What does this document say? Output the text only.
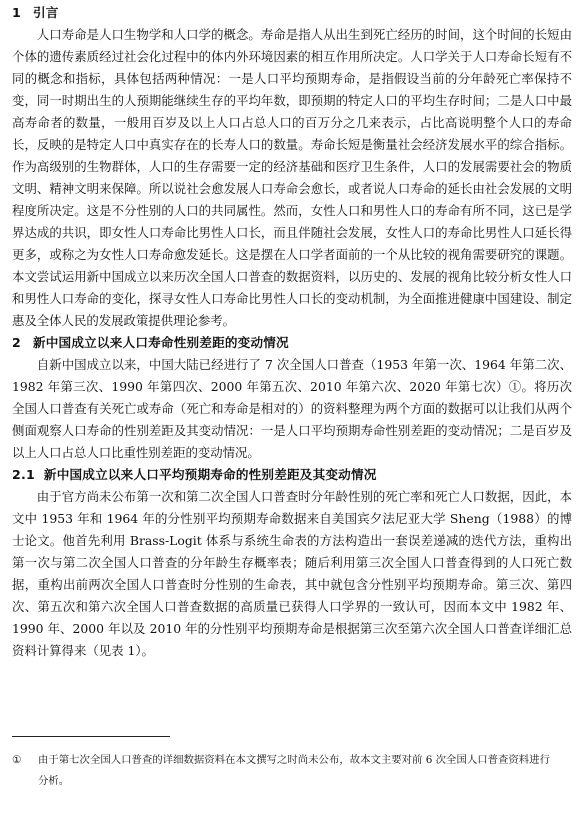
1 引言

人口寿命是人口生物学和人口学的概念。寿命是指人从出生到死亡经历的时间，这个时间的长短由个体的遗传素质经过社会化过程中的体内外环境因素的相互作用所决定。人口学关于人口寿命长短有不同的概念和指标，具体包括两种情况：一是人口平均预期寿命，是指假设当前的分年龄死亡率保持不变，同一时期出生的人预期能继续生存的平均年数，即预期的特定人口的平均生存时间；二是人口中最高寿命者的数量，一般用百岁及以上人口占总人口的百万分之几来表示，占比高说明整个人口的寿命长，反映的是特定人口中真实存在的长寿人口的数量。寿命长短是衡量社会经济发展水平的综合指标。作为高级别的生物群体，人口的生存需要一定的经济基础和医疗卫生条件，人口的发展需要社会的物质文明、精神文明来保障。所以说社会愈发展人口寿命会愈长，或者说人口寿命的延长由社会发展的文明程度所决定。这是不分性别的人口的共同属性。然而，女性人口和男性人口的寿命有所不同，这已是学界达成的共识，即女性人口寿命比男性人口长，而且伴随社会发展，女性人口的寿命比男性人口延长得更多，或称之为女性人口寿命愈发延长。这是摆在人口学者面前的一个从比较的视角需要研究的课题。本文尝试运用新中国成立以来历次全国人口普查的数据资料，以历史的、发展的视角比较分析女性人口和男性人口寿命的变化，探寻女性人口寿命比男性人口长的变动机制，为全面推进健康中国建设、制定惠及全体人民的发展政策提供理论参考。

2 新中国成立以来人口寿命性别差距的变动情况

自新中国成立以来，中国大陆已经进行了 7 次全国人口普查（1953 年第一次、1964 年第二次、1982 年第三次、1990 年第四次、2000 年第五次、2010 年第六次、2020 年第七次）①。将历次全国人口普查有关死亡或寿命（死亡和寿命是相对的）的资料整理为两个方面的数据可以让我们从两个侧面观察人口寿命的性别差距及其变动情况：一是人口平均预期寿命性别差距的变动情况；二是百岁及以上人口占总人口比重性别差距的变动情况。

2.1 新中国成立以来人口平均预期寿命的性别差距及其变动情况

由于官方尚未公布第一次和第二次全国人口普查时分年龄性别的死亡率和死亡人口数据，因此，本文中 1953 年和 1964 年的分性别平均预期寿命数据来自美国宾夕法尼亚大学 Sheng（1988）的博士论文。他首先利用 Brass-Logit 体系与系统生命表的方法构造出一套误差递减的迭代方法，重构出第一次与第二次全国人口普查的分年龄生存概率表；随后利用第三次全国人口普查得到的人口死亡数据，重构出前两次全国人口普查时分性别的生命表，其中就包含分性别平均预期寿命。第三次、第四次、第五次和第六次全国人口普查数据的高质量已获得人口学界的一致认可，因而本文中 1982 年、1990 年、2000 年以及 2010 年的分性别平均预期寿命是根据第三次至第六次全国人口普查详细汇总资料计算得来（见表 1）。

① 由于第七次全国人口普查的详细数据资料在本文撰写之时尚未公布，故本文主要对前 6 次全国人口普查资料进行分析。
